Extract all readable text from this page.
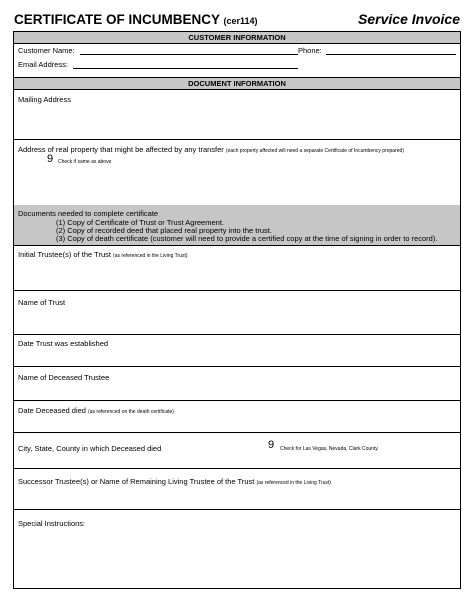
CERTIFICATE OF INCUMBENCY (cer114)	Service Invoice
CUSTOMER INFORMATION
Customer Name:	Phone:
Email Address:
DOCUMENT INFORMATION
Mailing Address
Address of real property that might be affected by any transfer (each property affected will need a separate Certificate of Incumbency prepared)
9 Check if same as above
Documents needed to complete certificate
(1) Copy of Certificate of Trust or Trust Agreement.
(2) Copy of recorded deed that placed real property into the trust.
(3) Copy of death certificate (customer will need to provide a certified copy at the time of signing in order to record).
Initial Trustee(s) of the Trust (as referenced in the Living Trust)
Name of Trust
Date Trust was established
Name of Deceased Trustee
Date Deceased died (as referenced on the death certificate)
City, State, County in which Deceased died	9 Check for Las Vegas, Nevada, Clark County
Successor Trustee(s) or Name of Remaining Living Trustee of the Trust (as referenced in the Living Trust)
Special Instructions:
